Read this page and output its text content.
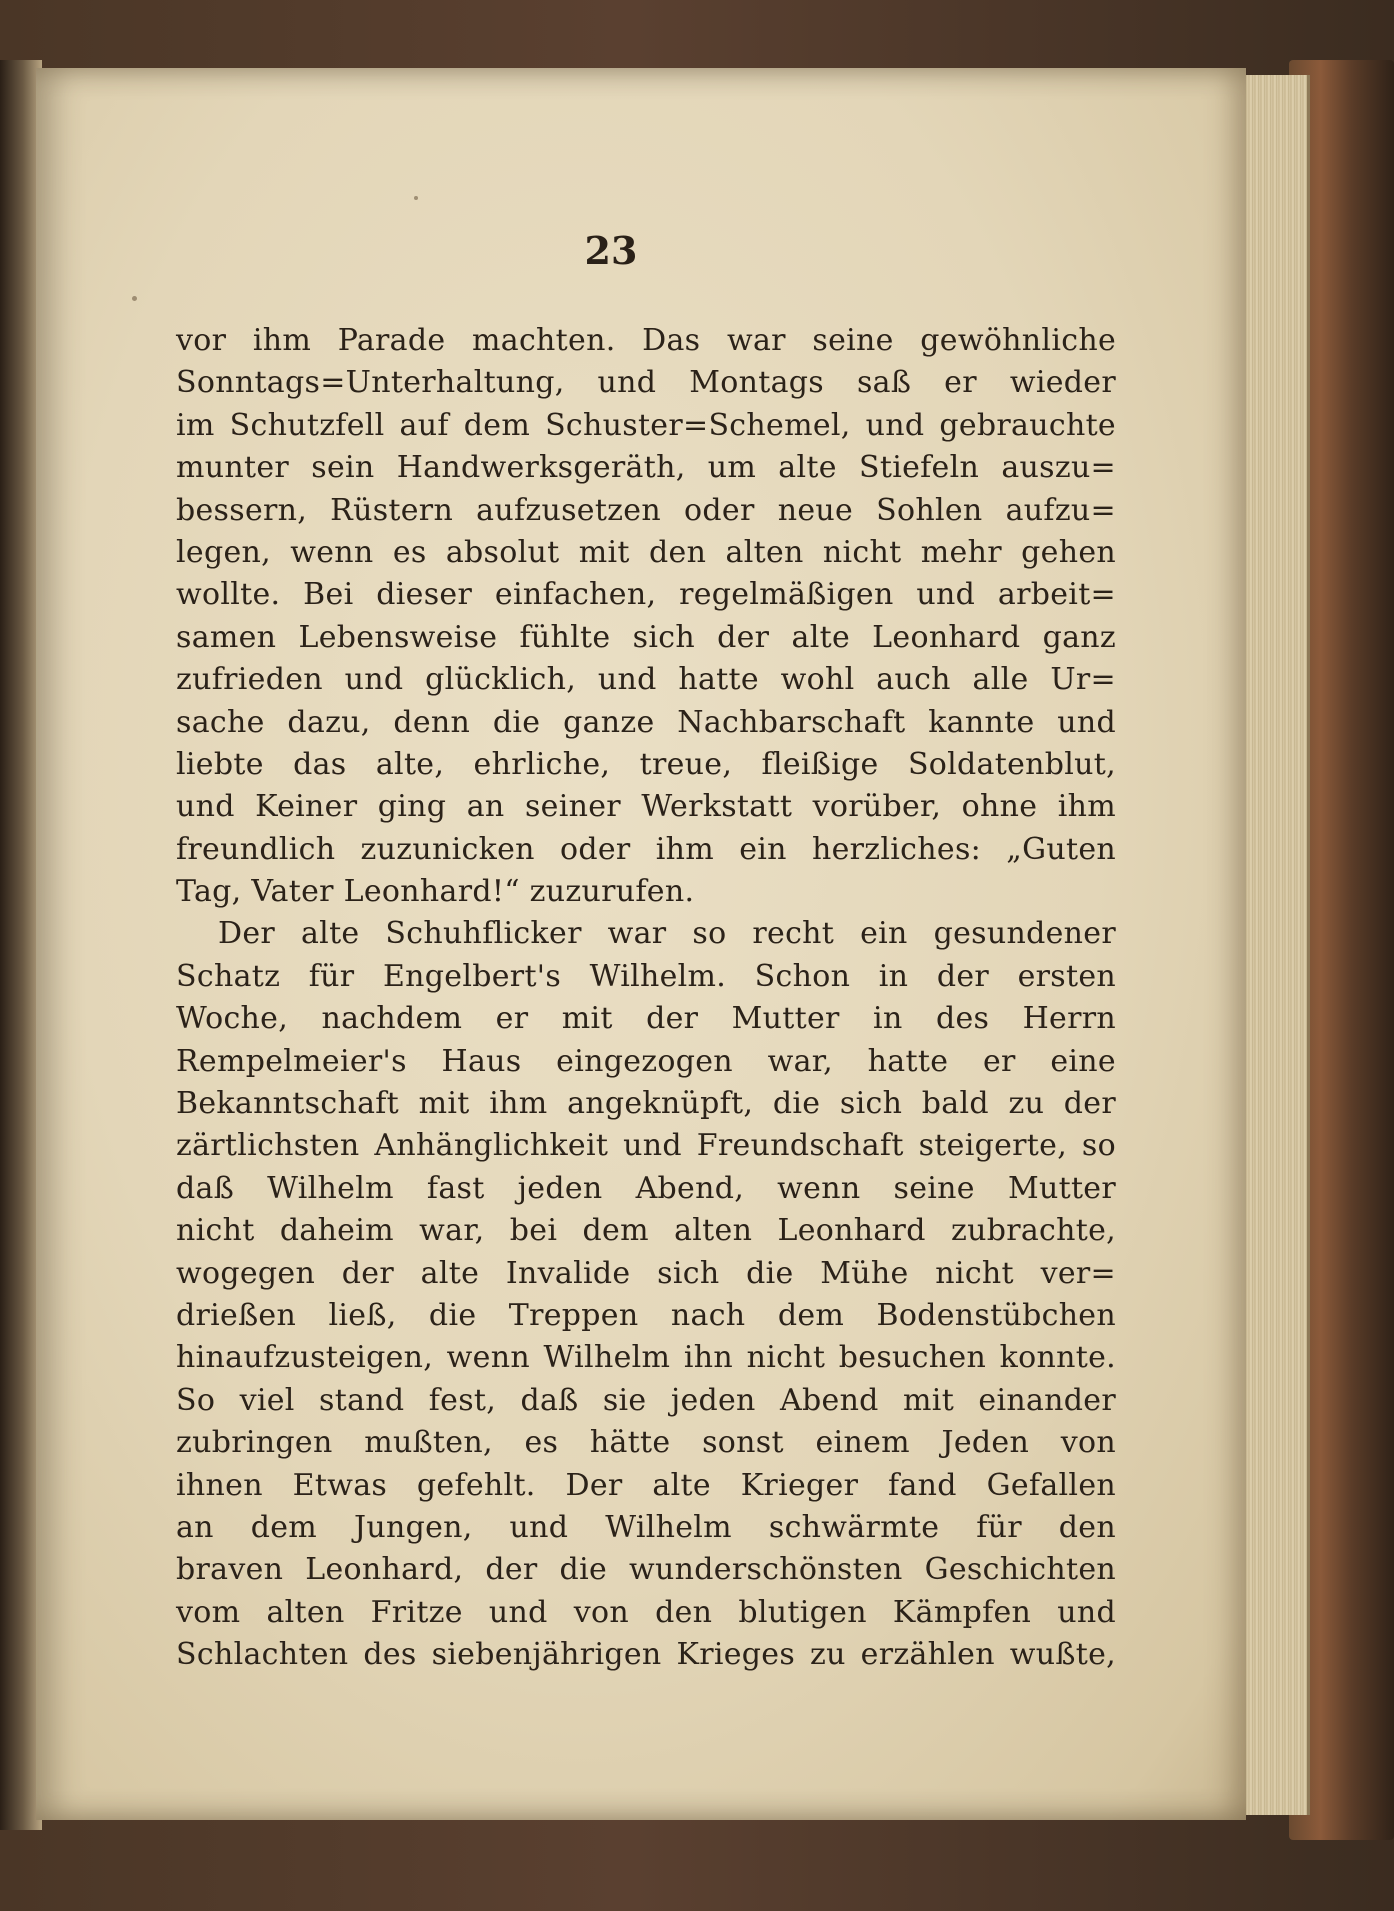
23
vor ihm Parade machten. Das war seine gewöhnliche
Sonntags=Unterhaltung, und Montags saß er wieder
im Schutzfell auf dem Schuster=Schemel, und gebrauchte
munter sein Handwerksgeräth, um alte Stiefeln auszu=
bessern, Rüstern aufzusetzen oder neue Sohlen aufzu=
legen, wenn es absolut mit den alten nicht mehr gehen
wollte. Bei dieser einfachen, regelmäßigen und arbeit=
samen Lebensweise fühlte sich der alte Leonhard ganz
zufrieden und glücklich, und hatte wohl auch alle Ur=
sache dazu, denn die ganze Nachbarschaft kannte und
liebte das alte, ehrliche, treue, fleißige Soldatenblut,
und Keiner ging an seiner Werkstatt vorüber, ohne ihm
freundlich zuzunicken oder ihm ein herzliches: „Guten
Tag, Vater Leonhard!“ zuzurufen.
Der alte Schuhflicker war so recht ein gesundener
Schatz für Engelbert's Wilhelm. Schon in der ersten
Woche, nachdem er mit der Mutter in des Herrn
Rempelmeier's Haus eingezogen war, hatte er eine
Bekanntschaft mit ihm angeknüpft, die sich bald zu der
zärtlichsten Anhänglichkeit und Freundschaft steigerte, so
daß Wilhelm fast jeden Abend, wenn seine Mutter
nicht daheim war, bei dem alten Leonhard zubrachte,
wogegen der alte Invalide sich die Mühe nicht ver=
drießen ließ, die Treppen nach dem Bodenstübchen
hinaufzusteigen, wenn Wilhelm ihn nicht besuchen konnte.
So viel stand fest, daß sie jeden Abend mit einander
zubringen mußten, es hätte sonst einem Jeden von
ihnen Etwas gefehlt. Der alte Krieger fand Gefallen
an dem Jungen, und Wilhelm schwärmte für den
braven Leonhard, der die wunderschönsten Geschichten
vom alten Fritze und von den blutigen Kämpfen und
Schlachten des siebenjährigen Krieges zu erzählen wußte,
